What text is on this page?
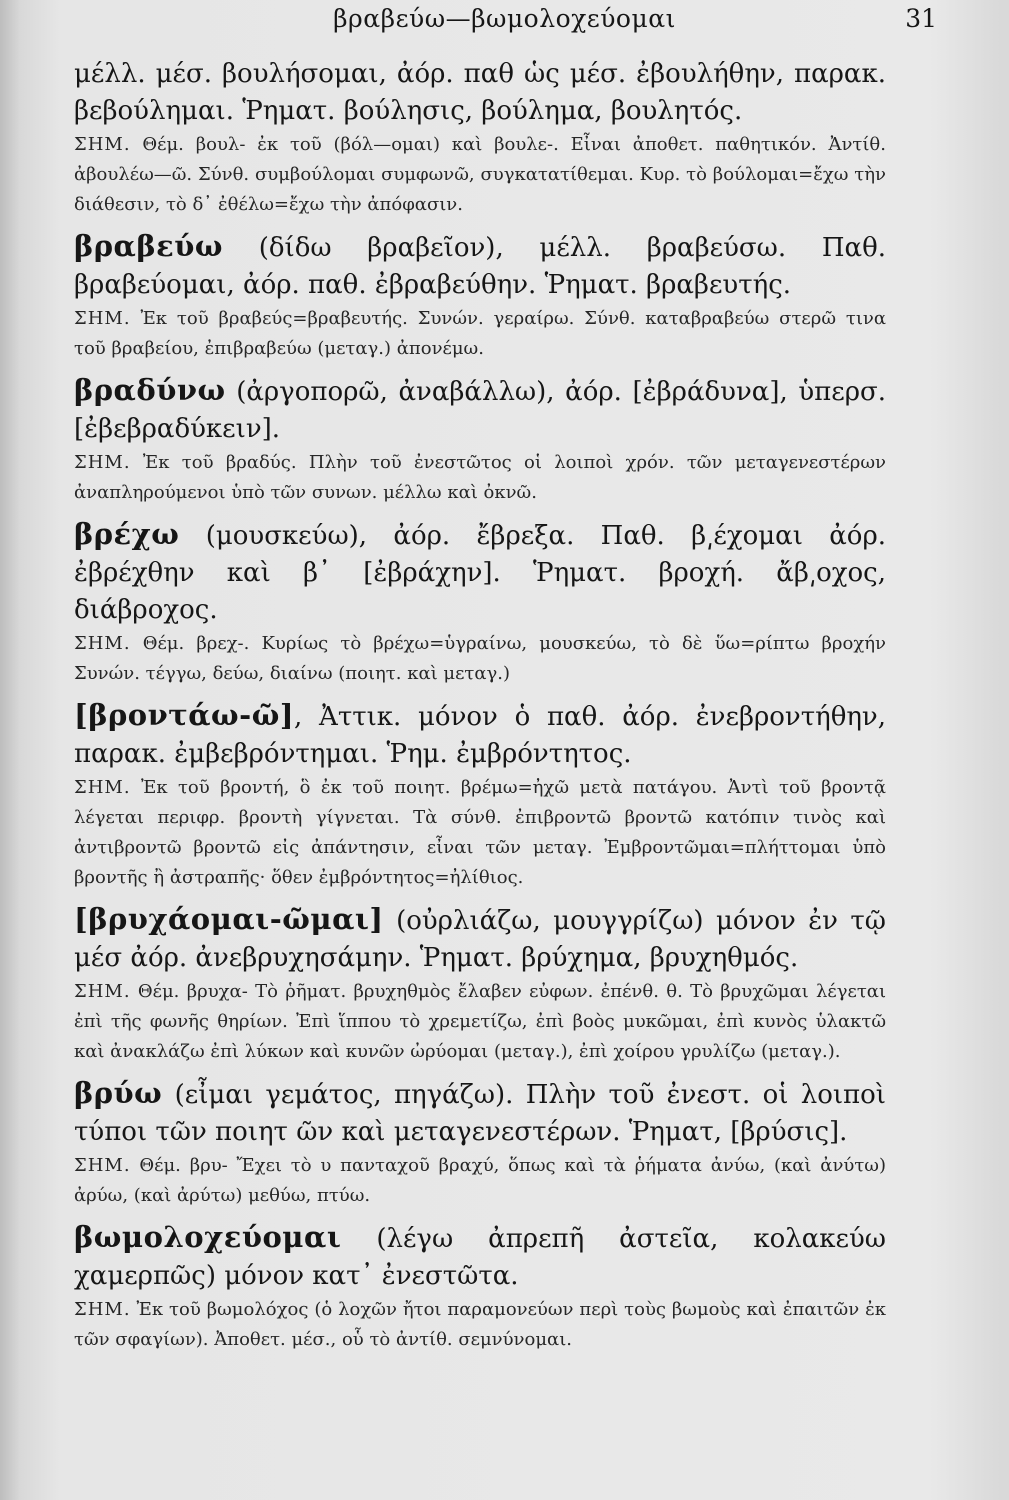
βραβεύω—βωμολοχεύομαι	31

μέλλ. μέσ. βουλήσομαι, ἀόρ. παθ ὡς μέσ. ἐβουλήθην, παρακ. βεβούλημαι. Ῥηματ. βούλησις, βούλημα, βουλητός.

ΣΗΜ. Θέμ. βουλ- ἐκ τοῦ (βόλ—ομαι) καὶ βουλε-. Εἶναι ἀποθετ. παθητικόν. Ἀντίθ. ἀβουλέω—ῶ. Σύνθ. συμβούλομαι συμφωνῶ, συγκατατίθεμαι. Κυρ. τὸ βούλομαι=ἔχω τὴν διάθεσιν, τὸ δ᾽ ἐθέλω=ἔχω τὴν ἀπόφασιν.

βραβεύω (δίδω βραβεῖον), μέλλ. βραβεύσω. Παθ. βραβεύομαι, ἀόρ. παθ. ἐβραβεύθην. Ῥηματ. βραβευτής.

ΣΗΜ. Ἐκ τοῦ βραβεύς=βραβευτής. Συνών. γεραίρω. Σύνθ. καταβραβεύω στερῶ τινα τοῦ βραβείου, ἐπιβραβεύω (μεταγ.) ἀπονέμω.

βραδύνω (ἀργοπορῶ, ἀναβάλλω), ἀόρ. [ἐβράδυνα], ὑπερσ. [ἐβεβραδύκειν].

ΣΗΜ. Ἐκ τοῦ βραδύς. Πλὴν τοῦ ἐνεστῶτος οἱ λοιποὶ χρόν. τῶν μεταγενεστέρων ἀναπληρούμενοι ὑπὸ τῶν συνων. μέλλω καὶ ὀκνῶ.

βρέχω (μουσκεύω), ἀόρ. ἔβρεξα. Παθ. β͵έχομαι ἀόρ. ἐβρέχθην καὶ β᾽ [ἐβράχην]. Ῥηματ. βροχή. ἄβ͵οχος, διάβροχος.

ΣΗΜ. Θέμ. βρεχ-. Κυρίως τὸ βρέχω=ὑγραίνω, μουσκεύω, τὸ δὲ ὕω=ρίπτω βροχήν Συνών. τέγγω, δεύω, διαίνω (ποιητ. καὶ μεταγ.)

[βροντάω-ῶ], Ἀττικ. μόνον ὁ παθ. ἀόρ. ἐνεβροντήθην, παρακ. ἐμβεβρόντημαι. Ῥημ. ἐμβρόντητος.

ΣΗΜ. Ἐκ τοῦ βροντή, ὃ ἐκ τοῦ ποιητ. βρέμω=ἠχῶ μετὰ πατάγου. Ἀντὶ τοῦ βροντᾷ λέγεται περιφρ. βροντὴ γίγνεται. Τὰ σύνθ. ἐπιβροντῶ βροντῶ κατόπιν τινὸς καὶ ἀντιβροντῶ βροντῶ εἰς ἀπάντησιν, εἶναι τῶν μεταγ. Ἐμβροντῶμαι=πλήττομαι ὑπὸ βροντῆς ἢ ἀστραπῆς· ὅθεν ἐμβρόντητος=ἠλίθιος.

[βρυχάομαι-ῶμαι] (οὐρλιάζω, μουγγρίζω) μόνον ἐν τῷ μέσ ἀόρ. ἀνεβρυχησάμην. Ῥηματ. βρύχημα, βρυχηθμός.

ΣΗΜ. Θέμ. βρυχα- Τὸ ῥῆματ. βρυχηθμὸς ἔλαβεν εὐφων. ἐπένθ. θ. Τὸ βρυχῶμαι λέγεται ἐπὶ τῆς φωνῆς θηρίων. Ἐπὶ ἵππου τὸ χρεμετίζω, ἐπὶ βοὸς μυκῶμαι, ἐπὶ κυνὸς ὑλακτῶ καὶ ἀνακλάζω ἐπὶ λύκων καὶ κυνῶν ὠρύομαι (μεταγ.), ἐπὶ χοίρου γρυλίζω (μεταγ.).

βρύω (εἶμαι γεμάτος, πηγάζω). Πλὴν τοῦ ἐνεστ. οἱ λοιποὶ τύποι τῶν ποιητ ῶν καὶ μεταγενεστέρων. Ῥηματ, [βρύσις].

ΣΗΜ. Θέμ. βρυ- Ἔχει τὸ υ πανταχοῦ βραχύ, ὅπως καὶ τὰ ῥήματα ἀνύω, (καὶ ἀνύτω) ἀρύω, (καὶ ἀρύτω) μεθύω, πτύω.

βωμολοχεύομαι (λέγω ἀπρεπῆ ἀστεῖα, κολακεύω χαμερπῶς) μόνον κατ᾽ ἐνεστῶτα.

ΣΗΜ. Ἐκ τοῦ βωμολόχος (ὁ λοχῶν ἤτοι παραμονεύων περὶ τοὺς βωμοὺς καὶ ἐπαιτῶν ἐκ τῶν σφαγίων). Ἀποθετ. μέσ., οὗ τὸ ἀντίθ. σεμνύνομαι.
